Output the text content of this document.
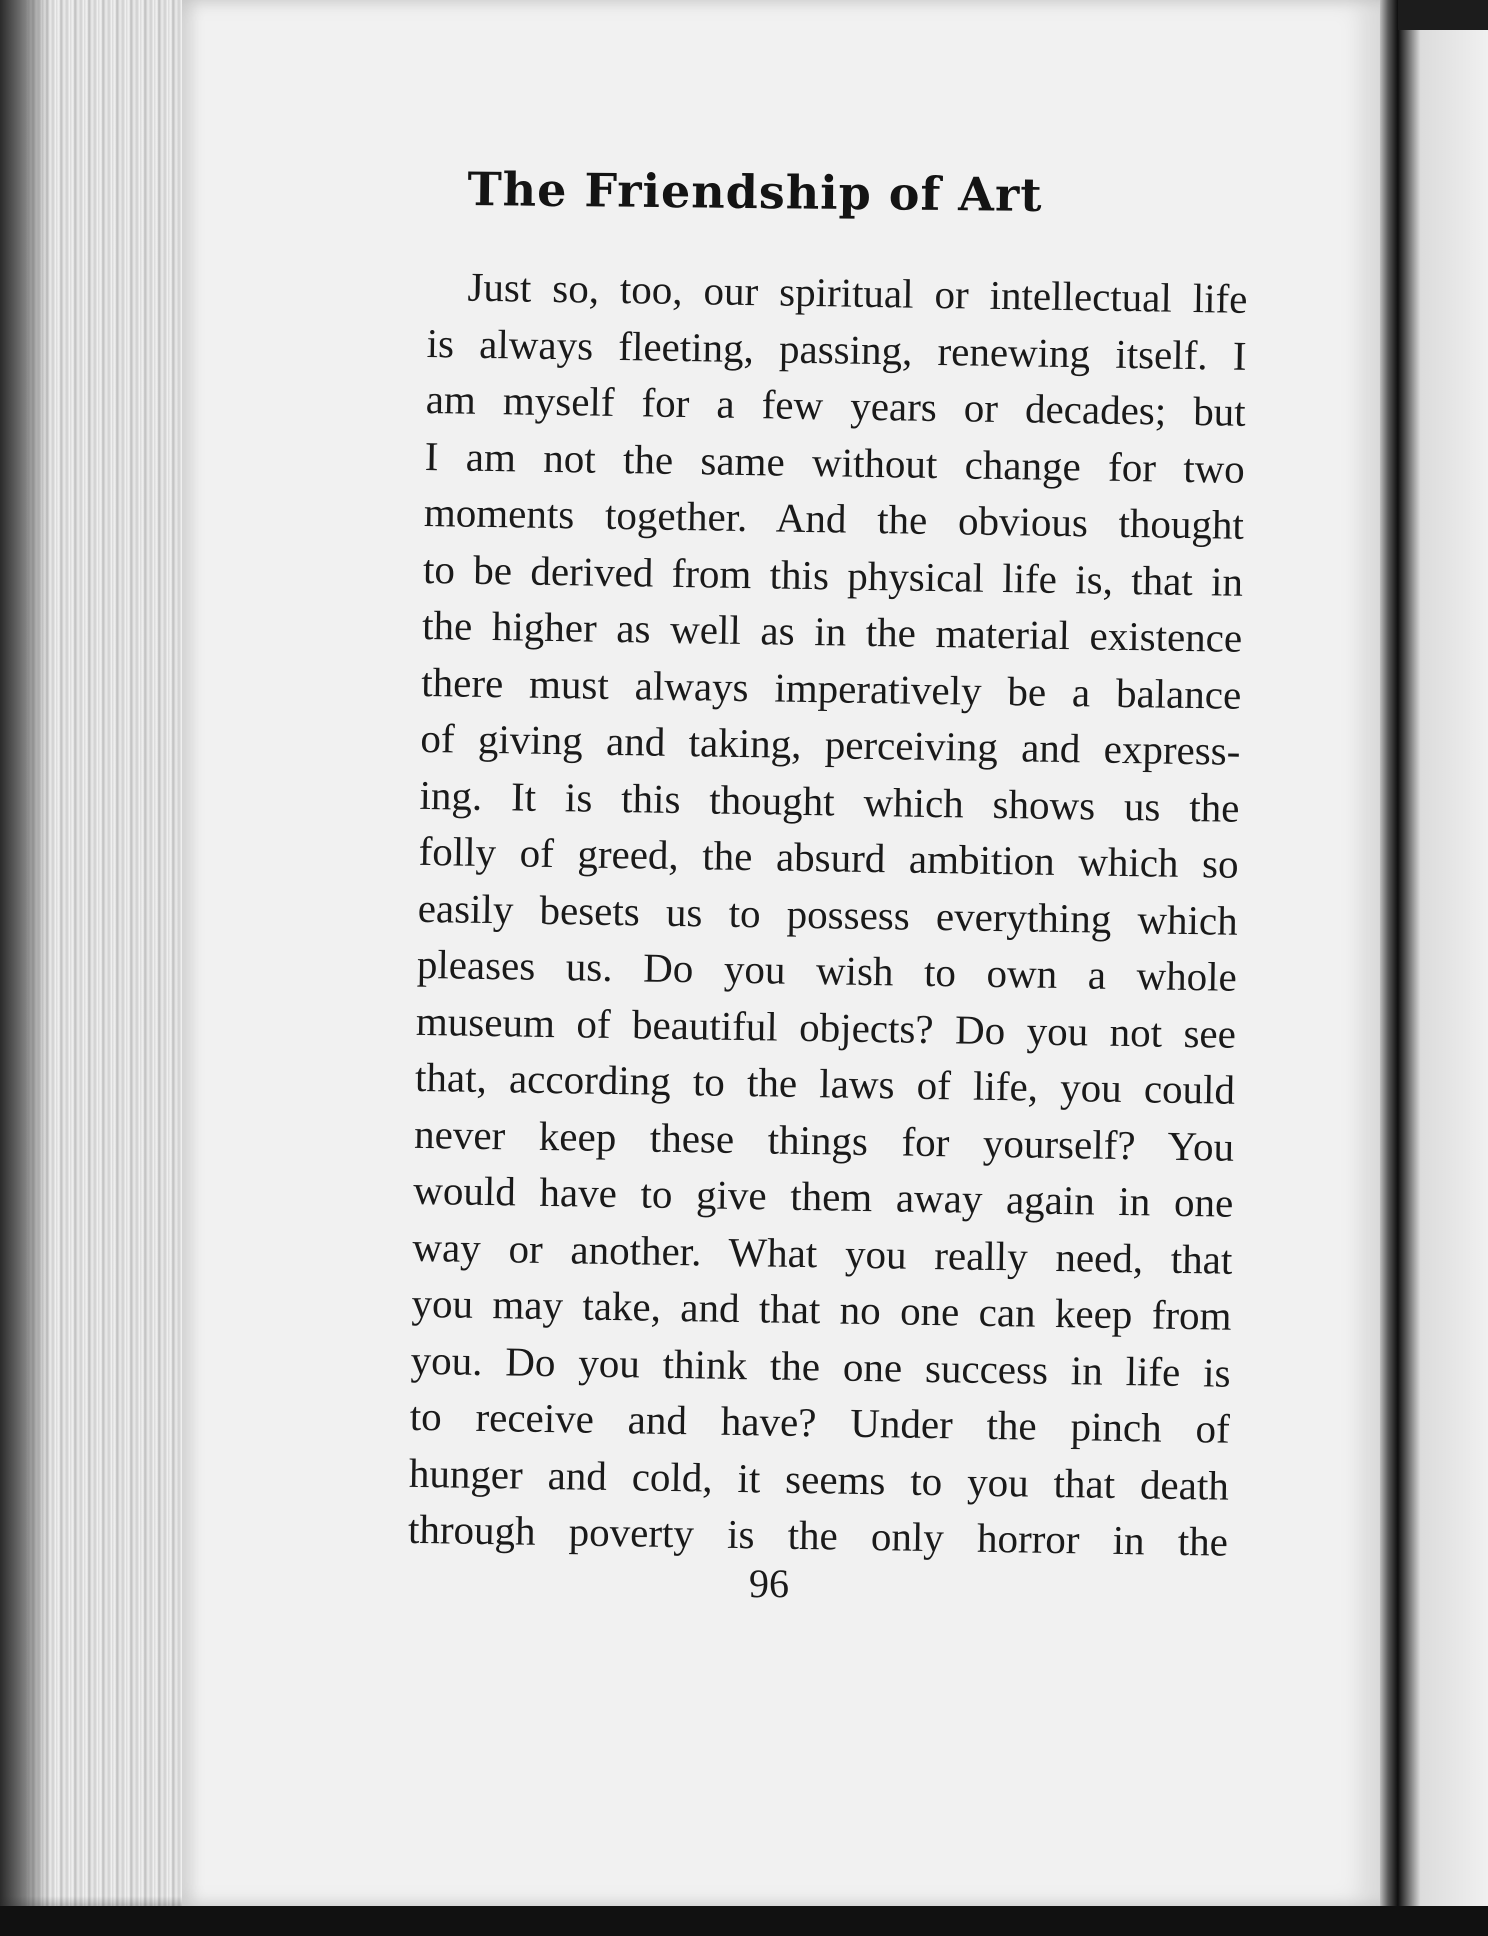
The Friendship of Art
Just so, too, our spiritual or intellectual life
is always fleeting, passing, renewing itself. I
am myself for a few years or decades; but
I am not the same without change for two
moments together. And the obvious thought
to be derived from this physical life is, that in
the higher as well as in the material existence
there must always imperatively be a balance
of giving and taking, perceiving and express-
ing. It is this thought which shows us the
folly of greed, the absurd ambition which so
easily besets us to possess everything which
pleases us. Do you wish to own a whole
museum of beautiful objects? Do you not see
that, according to the laws of life, you could
never keep these things for yourself? You
would have to give them away again in one
way or another. What you really need, that
you may take, and that no one can keep from
you. Do you think the one success in life is
to receive and have? Under the pinch of
hunger and cold, it seems to you that death
through poverty is the only horror in the
96
